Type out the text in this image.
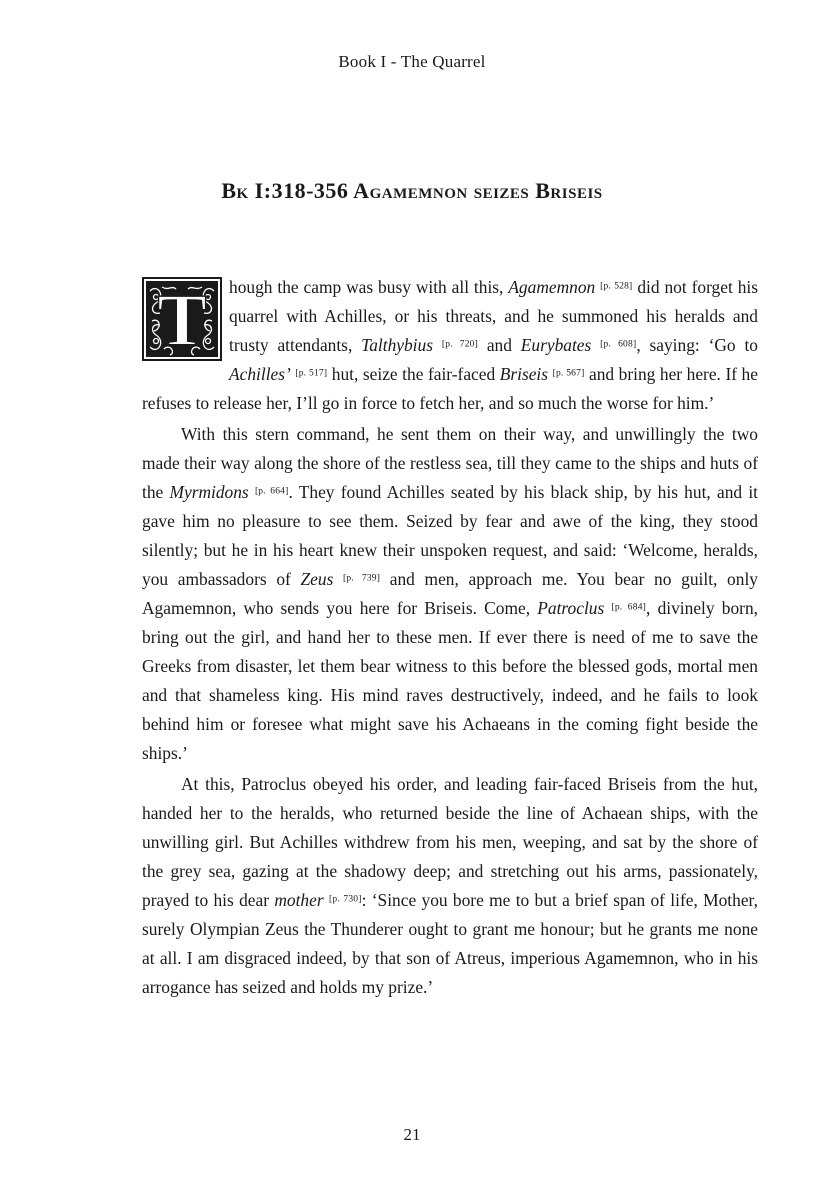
Book I - The Quarrel
Bk I:318-356 Agamemnon seizes Briseis
T	hough the camp was busy with all this, Agamemnon [p. 528] did not forget his quarrel with Achilles, or his threats, and he summoned his heralds and trusty attendants, Talthybius [p. 720] and Eurybates [p. 608], saying: ‘Go to Achilles’ [p. 517] hut, seize the fair-faced Briseis [p. 567] and bring her here. If he refuses to release her, I’ll go in force to fetch her, and so much the worse for him.’

With this stern command, he sent them on their way, and unwillingly the two made their way along the shore of the restless sea, till they came to the ships and huts of the Myrmidons [p. 664]. They found Achilles seated by his black ship, by his hut, and it gave him no pleasure to see them. Seized by fear and awe of the king, they stood silently; but he in his heart knew their unspoken request, and said: ‘Welcome, heralds, you ambassadors of Zeus [p. 739] and men, approach me. You bear no guilt, only Agamemnon, who sends you here for Briseis. Come, Patroclus [p. 684], divinely born, bring out the girl, and hand her to these men. If ever there is need of me to save the Greeks from disaster, let them bear witness to this before the blessed gods, mortal men and that shameless king. His mind raves destructively, indeed, and he fails to look behind him or foresee what might save his Achaeans in the coming fight beside the ships.’

At this, Patroclus obeyed his order, and leading fair-faced Briseis from the hut, handed her to the heralds, who returned beside the line of Achaean ships, with the unwilling girl. But Achilles withdrew from his men, weeping, and sat by the shore of the grey sea, gazing at the shadowy deep; and stretching out his arms, passionately, prayed to his dear mother [p. 730]: ‘Since you bore me to but a brief span of life, Mother, surely Olympian Zeus the Thunderer ought to grant me honour; but he grants me none at all. I am disgraced indeed, by that son of Atreus, imperious Agamemnon, who in his arrogance has seized and holds my prize.’

21
